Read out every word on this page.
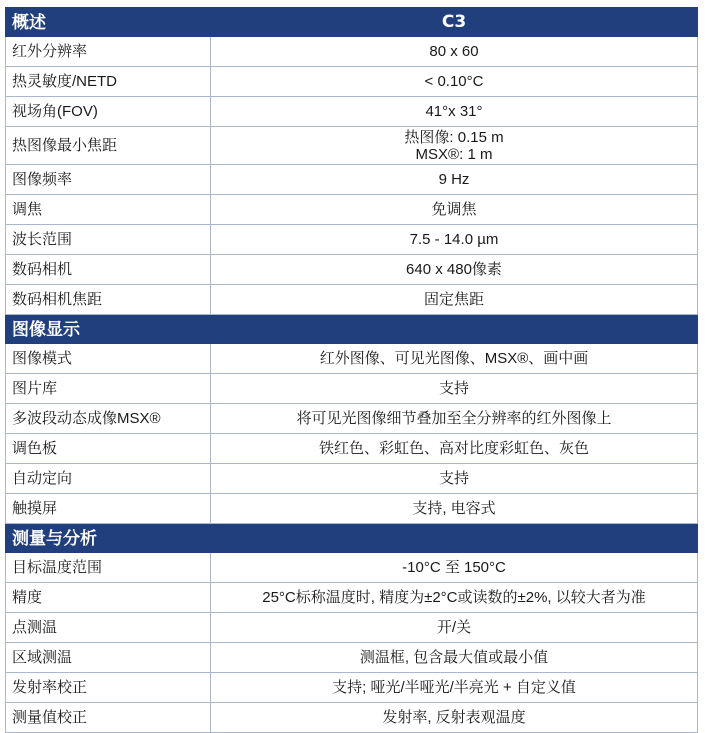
概述	C3
红外分辨率	80 x 60

热灵敏度/NETD	< 0.10°C

视场角(FOV)	41°x 31°

热图像最小焦距	热图像: 0.15 m
MSX®: 1 m

图像频率	9 Hz

调焦	免调焦

波长范围	7.5 - 14.0 µm

数码相机	640 x 480像素

数码相机焦距	固定焦距

图像显示	
图像模式	红外图像、可见光图像、MSX®、画中画

图片库	支持

多波段动态成像MSX®	将可见光图像细节叠加至全分辨率的红外图像上

调色板	铁红色、彩虹色、高对比度彩虹色、灰色

自动定向	支持

触摸屏	支持, 电容式

测量与分析	
目标温度范围	-10°C 至 150°C

精度	25°C标称温度时, 精度为±2°C或读数的±2%, 以较大者为准

点测温	开/关

区域测温	测温框, 包含最大值或最小值

发射率校正	支持; 哑光/半哑光/半亮光 + 自定义值

测量值校正	发射率, 反射表观温度
